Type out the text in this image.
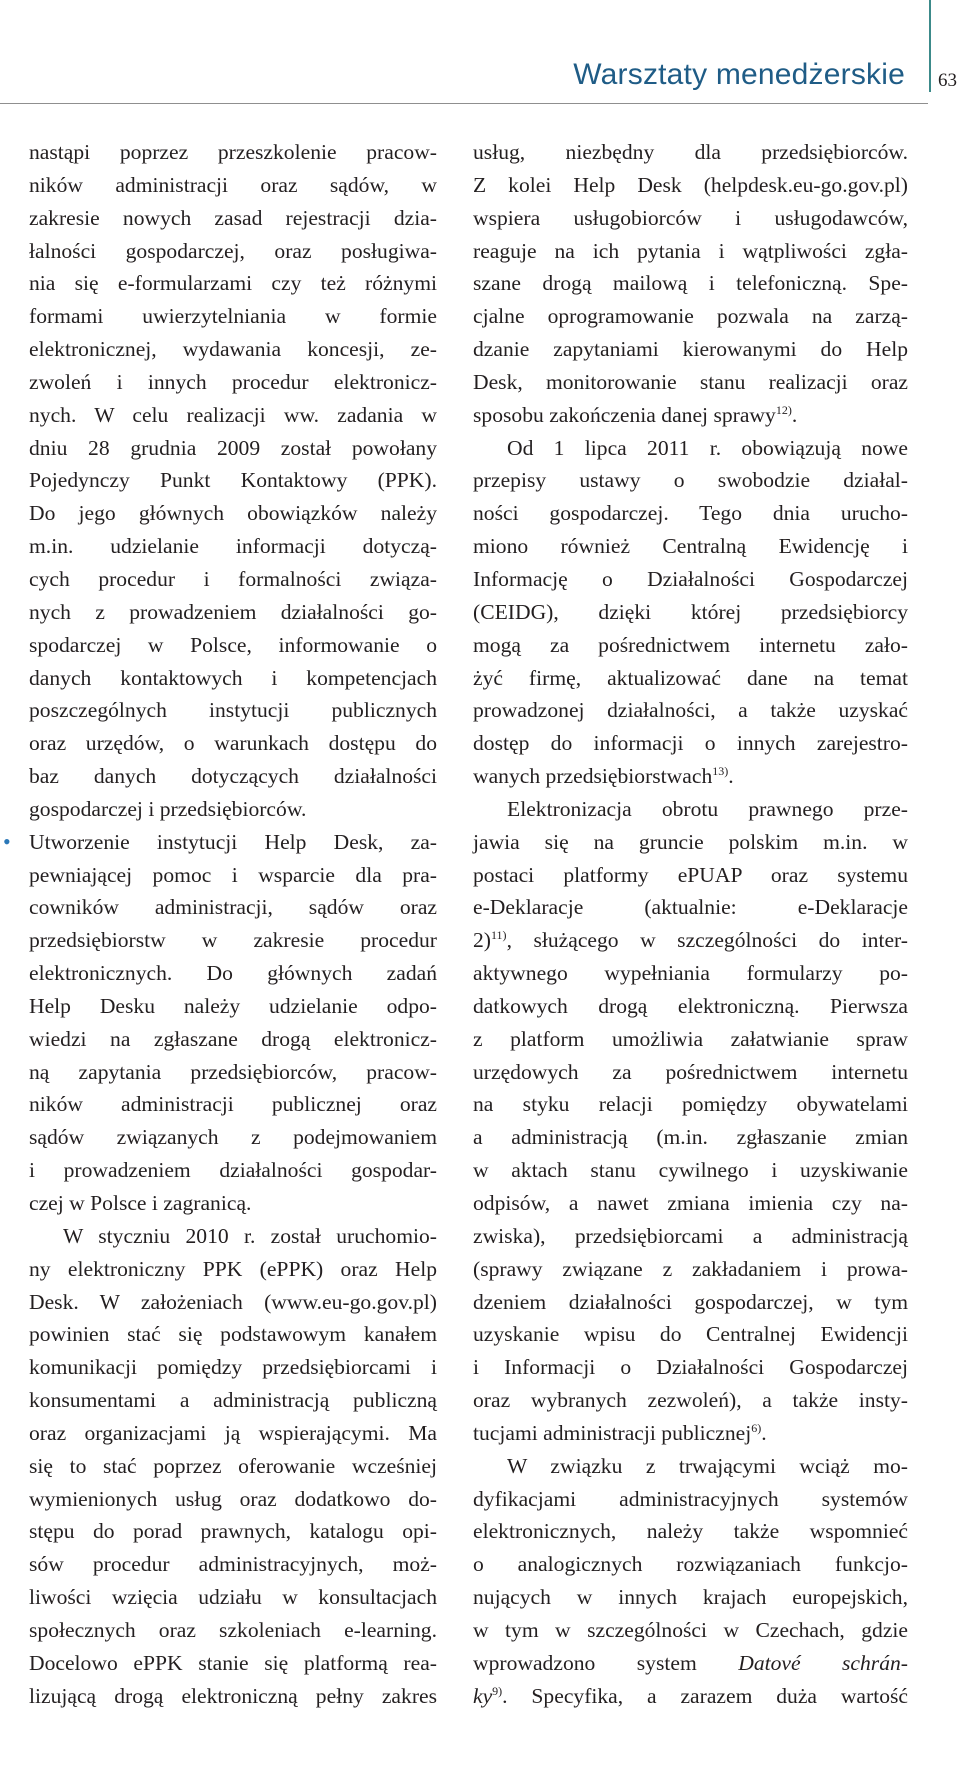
Warsztaty menedżerskie 63
nastąpi poprzez przeszkolenie pracow-
ników administracji oraz sądów, w
zakresie nowych zasad rejestracji dzia-
łalności gospodarczej, oraz posługiwa-
nia się e-formularzami czy też różnymi
formami uwierzytelniania w formie
elektronicznej, wydawania koncesji, ze-
zwoleń i innych procedur elektronicz-
nych. W celu realizacji ww. zadania w
dniu 28 grudnia 2009 został powołany
Pojedynczy Punkt Kontaktowy (PPK).
Do jego głównych obowiązków należy
m.in. udzielanie informacji dotyczą-
cych procedur i formalności związa-
nych z prowadzeniem działalności go-
spodarczej w Polsce, informowanie o
danych kontaktowych i kompetencjach
poszczególnych instytucji publicznych
oraz urzędów, o warunkach dostępu do
baz danych dotyczących działalności
gospodarczej i przedsiębiorców.
• Utworzenie instytucji Help Desk, za-
pewniającej pomoc i wsparcie dla pra-
cowników administracji, sądów oraz
przedsiębiorstw w zakresie procedur
elektronicznych. Do głównych zadań
Help Desku należy udzielanie odpo-
wiedzi na zgłaszane drogą elektronicz-
ną zapytania przedsiębiorców, pracow-
ników administracji publicznej oraz
sądów związanych z podejmowaniem
i prowadzeniem działalności gospodar-
czej w Polsce i zagranicą.
W styczniu 2010 r. został uruchomio-
ny elektroniczny PPK (ePPK) oraz Help
Desk. W założeniach (www.eu-go.gov.pl)
powinien stać się podstawowym kanałem
komunikacji pomiędzy przedsiębiorcami i
konsumentami a administracją publiczną
oraz organizacjami ją wspierającymi. Ma
się to stać poprzez oferowanie wcześniej
wymienionych usług oraz dodatkowo do-
stępu do porad prawnych, katalogu opi-
sów procedur administracyjnych, moż-
liwości wzięcia udziału w konsultacjach
społecznych oraz szkoleniach e-learning.
Docelowo ePPK stanie się platformą rea-
lizującą drogą elektroniczną pełny zakres
usług, niezbędny dla przedsiębiorców.
Z kolei Help Desk (helpdesk.eu-go.gov.pl)
wspiera usługobiorców i usługodawców,
reaguje na ich pytania i wątpliwości zgła-
szane drogą mailową i telefoniczną. Spe-
cjalne oprogramowanie pozwala na zarzą-
dzanie zapytaniami kierowanymi do Help
Desk, monitorowanie stanu realizacji oraz
sposobu zakończenia danej sprawy$^{12)}$.
Od 1 lipca 2011 r. obowiązują nowe
przepisy ustawy o swobodzie działal-
ności gospodarczej. Tego dnia urucho-
miono również Centralną Ewidencję i
Informację o Działalności Gospodarczej
(CEIDG), dzięki której przedsiębiorcy
mogą za pośrednictwem internetu zało-
żyć firmę, aktualizować dane na temat
prowadzonej działalności, a także uzyskać
dostęp do informacji o innych zarejestro-
wanych przedsiębiorstwach$^{13)}$.
Elektronizacja obrotu prawnego prze-
jawia się na gruncie polskim m.in. w
postaci platformy ePUAP oraz systemu
e-Deklaracje (aktualnie: e-Deklaracje
2)$^{11)}$, służącego w szczególności do inter-
aktywnego wypełniania formularzy po-
datkowych drogą elektroniczną. Pierwsza
z platform umożliwia załatwianie spraw
urzędowych za pośrednictwem internetu
na styku relacji pomiędzy obywatelami
a administracją (m.in. zgłaszanie zmian
w aktach stanu cywilnego i uzyskiwanie
odpisów, a nawet zmiana imienia czy na-
zwiska), przedsiębiorcami a administracją
(sprawy związane z zakładaniem i prowa-
dzeniem działalności gospodarczej, w tym
uzyskanie wpisu do Centralnej Ewidencji
i Informacji o Działalności Gospodarczej
oraz wybranych zezwoleń), a także insty-
tucjami administracji publicznej$^{6)}$.
W związku z trwającymi wciąż mo-
dyfikacjami administracyjnych systemów
elektronicznych, należy także wspomnieć
o analogicznych rozwiązaniach funkcjo-
nujących w innych krajach europejskich,
w tym w szczególności w Czechach, gdzie
wprowadzono system Datové schrán-
$ky^{9)}$. Specyfika, a zarazem duża wartość
